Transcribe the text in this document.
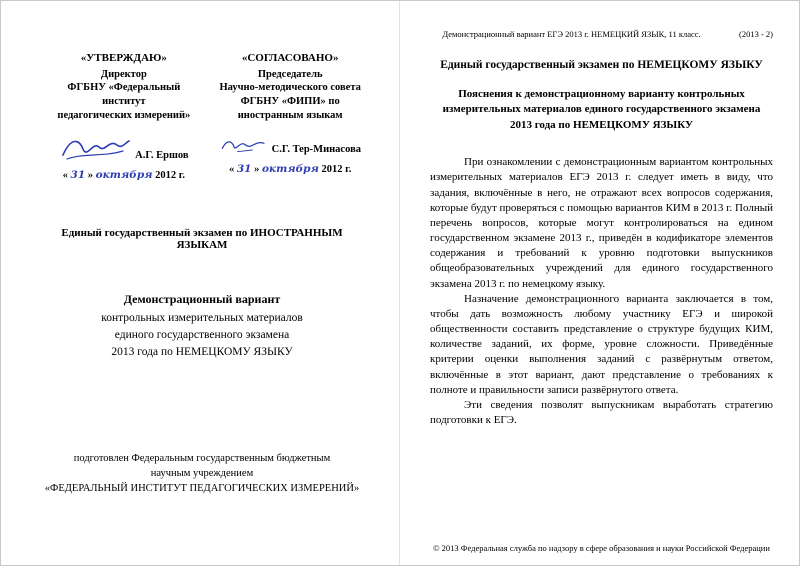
«УТВЕРЖДАЮ»
Директор
ФГБНУ «Федеральный институт
педагогических измерений»
А.Г. Ершов
« 31 » октября 2012 г.
«СОГЛАСОВАНО»
Председатель
Научно-методического совета
ФГБНУ «ФИПИ» по
иностранным языкам
С.Г. Тер-Минасова
« 31 » октября 2012 г.
Единый государственный экзамен по ИНОСТРАННЫМ ЯЗЫКАМ
Демонстрационный вариант
контрольных измерительных материалов
единого государственного экзамена
2013 года по НЕМЕЦКОМУ ЯЗЫКУ
подготовлен Федеральным государственным бюджетным
научным учреждением
«ФЕДЕРАЛЬНЫЙ ИНСТИТУТ ПЕДАГОГИЧЕСКИХ ИЗМЕРЕНИЙ»
Демонстрационный вариант ЕГЭ 2013 г. НЕМЕЦКИЙ ЯЗЫК, 11 класс.	(2013 - 2)
Единый государственный экзамен по НЕМЕЦКОМУ ЯЗЫКУ
Пояснения к демонстрационному варианту контрольных
измерительных материалов единого государственного экзамена
2013 года по НЕМЕЦКОМУ ЯЗЫКУ

При ознакомлении с демонстрационным вариантом контрольных измерительных материалов ЕГЭ 2013 г. следует иметь в виду, что задания, включённые в него, не отражают всех вопросов содержания, которые будут проверяться с помощью вариантов КИМ в 2013 г. Полный перечень вопросов, которые могут контролироваться на едином государственном экзамене 2013 г., приведён в кодификаторе элементов содержания и требований к уровню подготовки выпускников общеобразовательных учреждений для единого государственного экзамена 2013 г. по немецкому языку.

Назначение демонстрационного варианта заключается в том, чтобы дать возможность любому участнику ЕГЭ и широкой общественности составить представление о структуре будущих КИМ, количестве заданий, их форме, уровне сложности. Приведённые критерии оценки выполнения заданий с развёрнутым ответом, включённые в этот вариант, дают представление о требованиях к полноте и правильности записи развёрнутого ответа.

Эти сведения позволят выпускникам выработать стратегию подготовки к ЕГЭ.

© 2013 Федеральная служба по надзору в сфере образования и науки Российской Федерации
